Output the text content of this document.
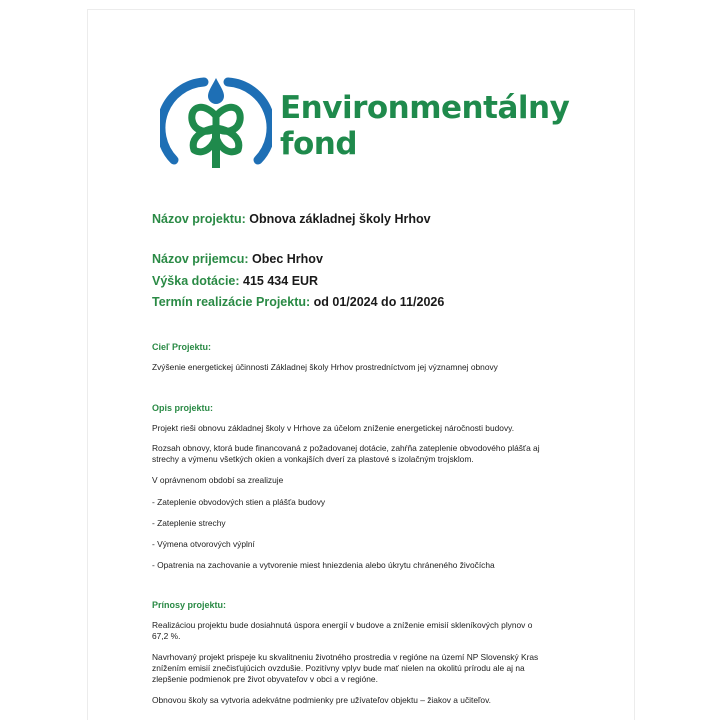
Environmentálny
fond
Názov projektu: Obnova základnej školy Hrhov
Názov prijemcu: Obec Hrhov
Výška dotácie: 415 434 EUR
Termín realizácie Projektu: od 01/2024 do 11/2026
Cieľ Projektu:
Zvýšenie energetickej účinnosti Základnej školy Hrhov prostredníctvom jej významnej obnovy
Opis projektu:
Projekt rieši obnovu základnej školy v Hrhove za účelom zníženie energetickej náročnosti budovy.
Rozsah obnovy, ktorá bude financovaná z požadovanej dotácie, zahŕňa zateplenie obvodového plášťa aj
strechy a výmenu všetkých okien a vonkajších dverí za plastové s izolačným trojsklom.
V oprávnenom období sa zrealizuje
- Zateplenie obvodových stien a plášťa budovy
- Zateplenie strechy
- Výmena otvorových výplní
- Opatrenia na zachovanie a vytvorenie miest hniezdenia alebo úkrytu chráneného živočícha
Prínosy projektu:
Realizáciou projektu bude dosiahnutá úspora energií v budove a zníženie emisií skleníkových plynov o
67,2 %.
Navrhovaný projekt prispeje ku skvalitneniu životného prostredia v regióne na území NP Slovenský Kras
znížením emisií znečisťujúcich ovzdušie. Pozitívny vplyv bude mať nielen na okolitú prírodu ale aj na
zlepšenie podmienok pre život obyvateľov v obci a v regióne.
Obnovou školy sa vytvoria adekvátne podmienky pre užívateľov objektu – žiakov a učiteľov.
